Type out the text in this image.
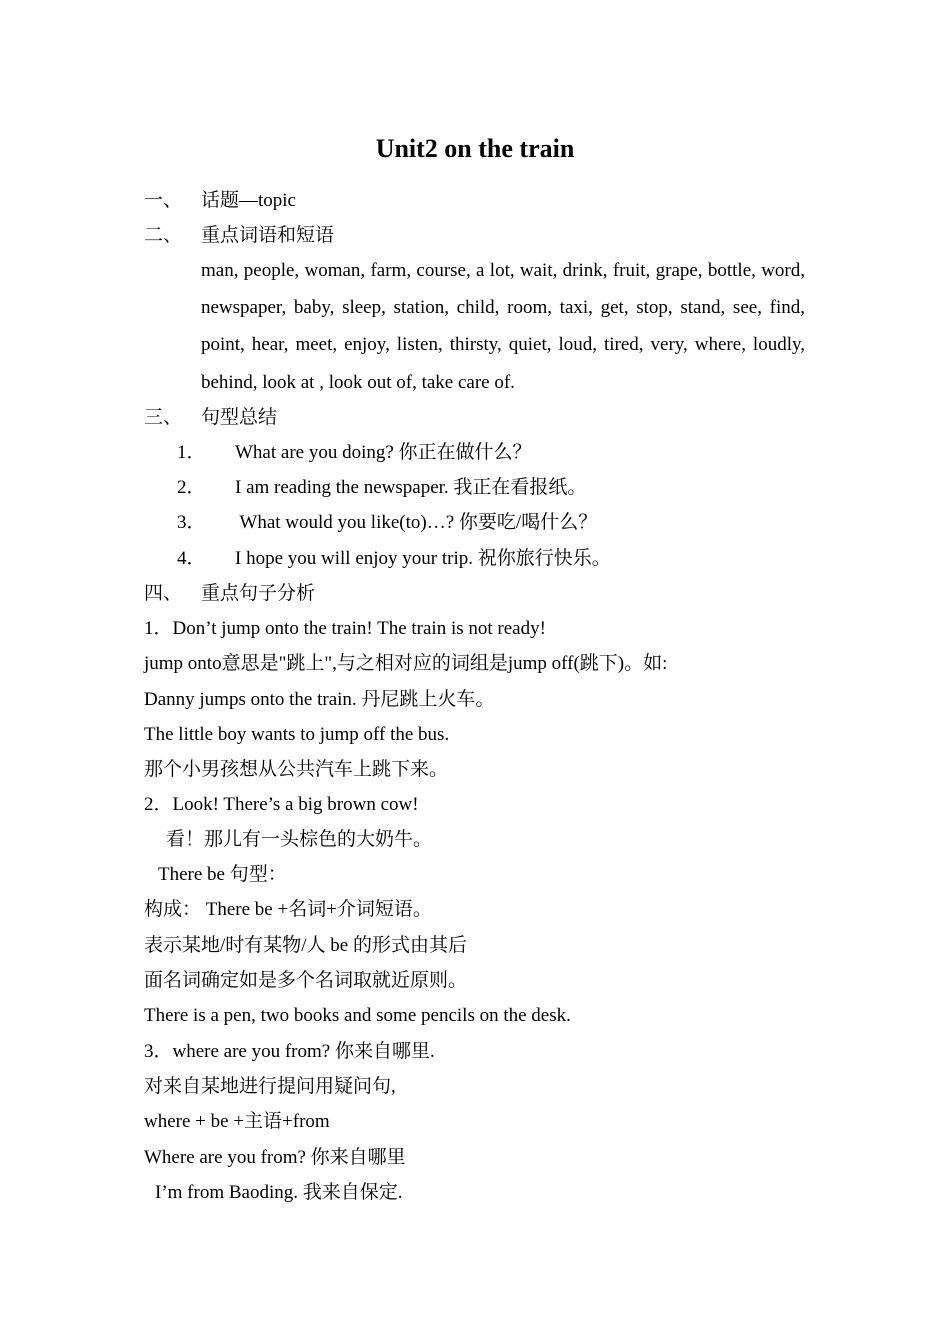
Unit2 on the train
一、 话题—topic
二、 重点词语和短语
man, people, woman, farm, course, a lot, wait, drink, fruit, grape, bottle, word,
newspaper, baby, sleep, station, child, room, taxi, get, stop, stand, see, find,
point, hear, meet, enjoy, listen, thirsty, quiet, loud, tired, very, where, loudly,
behind, look at , look out of, take care of.
三、 句型总结
1． What are you doing? 你正在做什么？
2． I am reading the newspaper. 我正在看报纸。
3． What would you like(to)…? 你要吃/喝什么？
4． I hope you will enjoy your trip. 祝你旅行快乐。
四、 重点句子分析
1．Don’t jump onto the train! The train is not ready!
jump onto意思是"跳上",与之相对应的词组是jump off(跳下)。如:
Danny jumps onto the train. 丹尼跳上火车。
The little boy wants to jump off the bus.
那个小男孩想从公共汽车上跳下来。
2．Look! There’s a big brown cow!
看！那儿有一头棕色的大奶牛。
There be 句型：
构成： There be +名词+介词短语。
表示某地/时有某物/人 be 的形式由其后
面名词确定如是多个名词取就近原则。
There is a pen, two books and some pencils on the desk.
3．where are you from? 你来自哪里.
对来自某地进行提问用疑问句,
where + be +主语+from
Where are you from? 你来自哪里
I’m from Baoding. 我来自保定.
